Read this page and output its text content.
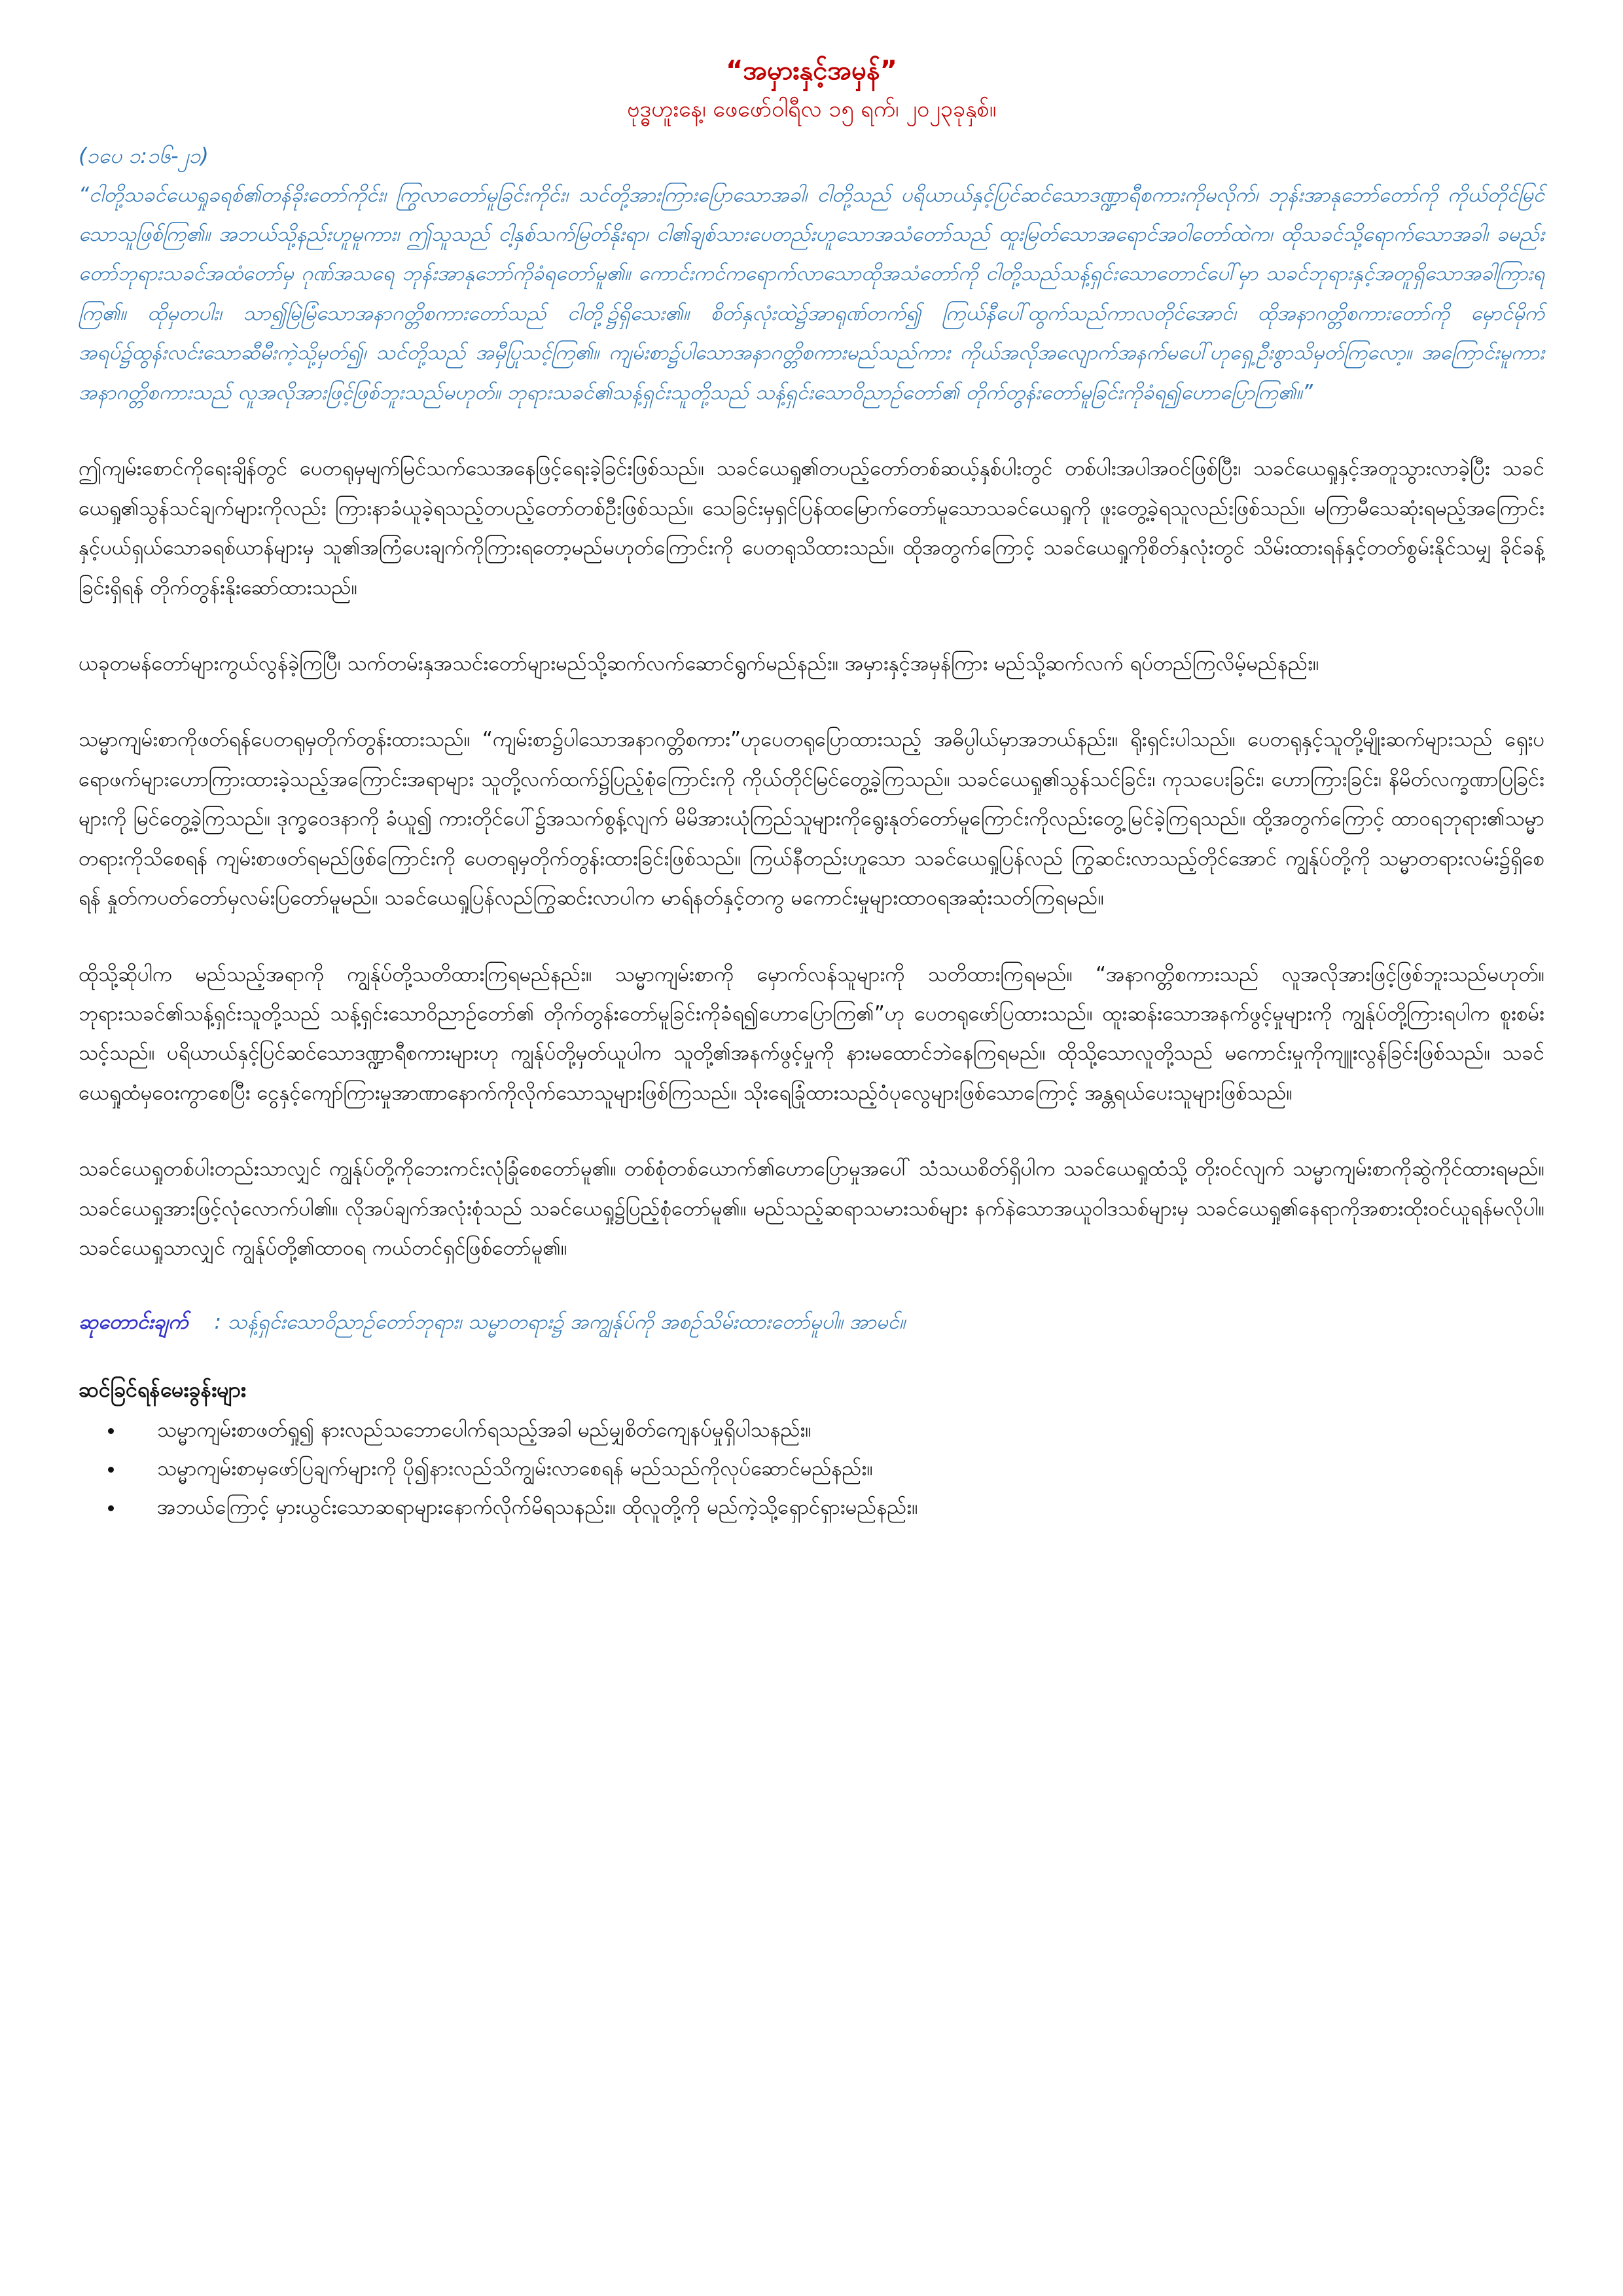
“အမှားနှင့်အမှန်”
ဗုဒ္ဓဟူးနေ့၊ ဖေဖော်ဝါရီလ ၁၅ ရက်၊ ၂၀၂၃ခုနှစ်။
(၁ပေ ၁:၁၆-၂၁)
“ငါတို့သခင်ယေရှုခရစ်၏တန်ခိုးတော်ကိုင်း၊ ကြွလာတော်မူခြင်းကိုင်း၊ သင်တို့အားကြားပြောသောအခါ၊ ငါတို့သည် ပရိယာယ်နှင့်ပြင်ဆင်သောဒဏ္ဍာရီစကားကိုမလိုက်၊ ဘုန်းအာနုဘော်တော်ကို ကိုယ်တိုင်မြင်သောသူဖြစ်ကြ၏။ အဘယ်သို့နည်းဟူမူကား၊ ဤသူသည် ငါ့နှစ်သက်မြတ်နိုးရာ၊ ငါ၏ချစ်သားပေတည်းဟူသောအသံတော်သည် ထူးမြတ်သောအရောင်အဝါတော်ထဲက၊ ထိုသခင်သို့ရောက်သောအခါ၊ ခမည်းတော်ဘုရားသခင်အထံတော်မှ ဂုဏ်အသရေ ဘုန်းအာနုဘော်ကိုခံရတော်မူ၏။ ကောင်းကင်ကရောက်လာသောထိုအသံတော်ကို ငါတို့သည်သန့်ရှင်းသောတောင်ပေါ်မှာ သခင်ဘုရားနှင့်အတူရှိသောအခါကြားရကြ၏။ ထိုမှတပါး၊ သာ၍မြဲမြံသောအနာဂတ္တိစကားတော်သည် ငါတို့၌ရှိသေး၏။ စိတ်နှလုံးထဲ၌အာရုဏ်တက်၍ ကြယ်နီပေါ်ထွက်သည်ကာလတိုင်အောင်၊ ထိုအနာဂတ္တိစကားတော်ကို မှောင်မိုက်အရပ်၌ထွန်းလင်းသောဆီမီးကဲ့သို့မှတ်၍၊ သင်တို့သည် အမှီပြုသင့်ကြ၏။ ကျမ်းစာ၌ပါသောအနာဂတ္တိစကားမည်သည်ကား ကိုယ်အလိုအလျောက်အနက်မပေါ်ဟုရှေ့ဦးစွာသိမှတ်ကြလော့။ အကြောင်းမူကား အနာဂတ္တိစကားသည် လူအလိုအားဖြင့်ဖြစ်ဘူးသည်မဟုတ်။ ဘုရားသခင်၏သန့်ရှင်းသူတို့သည် သန့်ရှင်းသောဝိညာဉ်တော်၏ တိုက်တွန်းတော်မူခြင်းကိုခံရ၍ဟောပြောကြ၏။”
ဤကျမ်းစောင်ကိုရေးချိန်တွင် ပေတရုမှမျက်မြင်သက်သေအနေဖြင့်ရေးခဲ့ခြင်းဖြစ်သည်။ သခင်ယေရှု၏တပည့်တော်တစ်ဆယ့်နှစ်ပါးတွင် တစ်ပါးအပါအဝင်ဖြစ်ပြီး၊ သခင်ယေရှုနှင့်အတူသွားလာခဲ့ပြီး သခင်ယေရှု၏သွန်သင်ချက်များကိုလည်း ကြားနာခံယူခဲ့ရသည့်တပည့်တော်တစ်ဦးဖြစ်သည်။ သေခြင်းမှရှင်ပြန်ထမြောက်တော်မူသောသခင်ယေရှုကို ဖူးတွေ့ခဲ့ရသူလည်းဖြစ်သည်။ မကြာမီသေဆုံးရမည့်အကြောင်းနှင့်ပယ်ရှယ်သောခရစ်ယာန်များမှ သူ၏အကြံပေးချက်ကိုကြားရတော့မည်မဟုတ်ကြောင်းကို ပေတရုသိထားသည်။ ထိုအတွက်ကြောင့် သခင်ယေရှုကိုစိတ်နှလုံးတွင် သိမ်းထားရန်နှင့်တတ်စွမ်းနိုင်သမျှ ခိုင်ခန့်ခြင်းရှိရန် တိုက်တွန်းနိုးဆော်ထားသည်။
ယခုတမန်တော်များကွယ်လွန်ခဲ့ကြပြီ၊ သက်တမ်းနှအသင်းတော်များမည်သို့ဆက်လက်ဆောင်ရွက်မည်နည်း။ အမှားနှင့်အမှန်ကြား မည်သို့ဆက်လက် ရပ်တည်ကြလိမ့်မည်နည်း။
သမ္မာကျမ်းစာကိုဖတ်ရန်ပေတရုမှတိုက်တွန်းထားသည်။ “ကျမ်းစာ၌ပါသောအနာဂတ္တိစကား”ဟုပေတရုပြောထားသည့် အဓိပ္ပါယ်မှာအဘယ်နည်း။ ရိုးရှင်းပါသည်။ ပေတရုနှင့်သူတို့မျိုးဆက်များသည် ရှေးပရောဖက်များဟောကြားထားခဲ့သည့်အကြောင်းအရာများ သူတို့လက်ထက်၌ပြည့်စုံကြောင်းကို ကိုယ်တိုင်မြင်တွေ့ခဲ့ကြသည်။ သခင်ယေရှု၏သွန်သင်ခြင်း၊ ကုသပေးခြင်း၊ ဟောကြားခြင်း၊ နိမိတ်လက္ခဏာပြခြင်းများကို မြင်တွေ့ခဲ့ကြသည်။ ဒုက္ခဝေဒနာကို ခံယူ၍ ကားတိုင်ပေါ်၌အသက်စွန့်လျက် မိမိအားယုံကြည်သူများကိုရွေးနုတ်တော်မူကြောင်းကိုလည်းတွေ့မြင်ခဲ့ကြရသည်။ ထို့အတွက်ကြောင့် ထာဝရဘုရား၏သမ္မာတရားကိုသိစေရန် ကျမ်းစာဖတ်ရမည်ဖြစ်ကြောင်းကို ပေတရုမှတိုက်တွန်းထားခြင်းဖြစ်သည်။ ကြယ်နီတည်းဟူသော သခင်ယေရှုပြန်လည် ကြွဆင်းလာသည့်တိုင်အောင် ကျွန်ုပ်တို့ကို သမ္မာတရားလမ်း၌ရှိစေရန် နှုတ်ကပတ်တော်မှလမ်းပြတော်မူမည်။ သခင်ယေရှုပြန်လည်ကြွဆင်းလာပါက မာရ်နတ်နှင့်တကွ မကောင်းမှုများထာဝရအဆုံးသတ်ကြရမည်။
ထိုသို့ဆိုပါက မည်သည့်အရာကို ကျွန်ုပ်တို့သတိထားကြရမည်နည်း။ သမ္မာကျမ်းစာကို မှောက်လန်သူများကို သတိထားကြရမည်။ “အနာဂတ္တိစကားသည် လူအလိုအားဖြင့်ဖြစ်ဘူးသည်မဟုတ်။ ဘုရားသခင်၏သန့်ရှင်းသူတို့သည် သန့်ရှင်းသောဝိညာဉ်တော်၏ တိုက်တွန်းတော်မူခြင်းကိုခံရ၍ဟောပြောကြ၏”ဟု ပေတရုဖော်ပြထားသည်။ ထူးဆန်းသောအနက်ဖွင့်မှုများကို ကျွန်ုပ်တို့ကြားရပါက စူးစမ်းသင့်သည်။ ပရိယာယ်နှင့်ပြင်ဆင်သောဒဏ္ဍာရီစကားများဟု ကျွန်ုပ်တို့မှတ်ယူပါက သူတို့၏အနက်ဖွင့်မှုကို နားမထောင်ဘဲနေကြရမည်။ ထိုသို့သောလူတို့သည် မကောင်းမှုကိုကျူးလွန်ခြင်းဖြစ်သည်။ သခင်ယေရှုထံမှဝေးကွာစေပြီး ငွေနှင့်ကျော်ကြားမှုအာဏာနောက်ကိုလိုက်သောသူများဖြစ်ကြသည်။ သိုးရေခြုံထားသည့်ဝံပုလွေများဖြစ်သောကြောင့် အန္တရယ်ပေးသူများဖြစ်သည်။
သခင်ယေရှုတစ်ပါးတည်းသာလျှင် ကျွန်ုပ်တို့ကိုဘေးကင်းလုံခြုံစေတော်မူ၏။ တစ်စုံတစ်ယောက်၏ဟောပြောမှုအပေါ် သံသယစိတ်ရှိပါက သခင်ယေရှုထံသို့ တိုးဝင်လျက် သမ္မာကျမ်းစာကိုဆွဲကိုင်ထားရမည်။ သခင်ယေရှုအားဖြင့်လုံလောက်ပါ၏။ လိုအပ်ချက်အလုံးစုံသည် သခင်ယေရှု၌ပြည့်စုံတော်မူ၏။ မည်သည့်ဆရာသမားသစ်များ နက်နဲသောအယူဝါဒသစ်များမှ သခင်ယေရှု၏နေရာကိုအစားထိုးဝင်ယူရန်မလိုပါ။ သခင်ယေရှုသာလျှင် ကျွန်ုပ်တို့၏ထာဝရ ကယ်တင်ရှင်ဖြစ်တော်မူ၏။
ဆုတောင်းချက် : သန့်ရှင်းသောဝိညာဉ်တော်ဘုရား၊ သမ္မာတရား၌ အကျွန်ုပ်ကို အစဉ်သိမ်းထားတော်မူပါ။ အာမင်။
ဆင်ခြင်ရန်မေးခွန်းများ
• သမ္မာကျမ်းစာဖတ်ရှု၍ နားလည်သဘောပေါက်ရသည့်အခါ မည်မျှစိတ်ကျေနပ်မှုရှိပါသနည်း။
• သမ္မာကျမ်းစာမှဖော်ပြချက်များကို ပို၍နားလည်သိကျွမ်းလာစေရန် မည်သည်ကိုလုပ်ဆောင်မည်နည်း။
• အဘယ်ကြောင့် မှားယွင်းသောဆရာများနောက်လိုက်မိရသနည်း။ ထိုလူတို့ကို မည်ကဲ့သို့ရှောင်ရှားမည်နည်း။
